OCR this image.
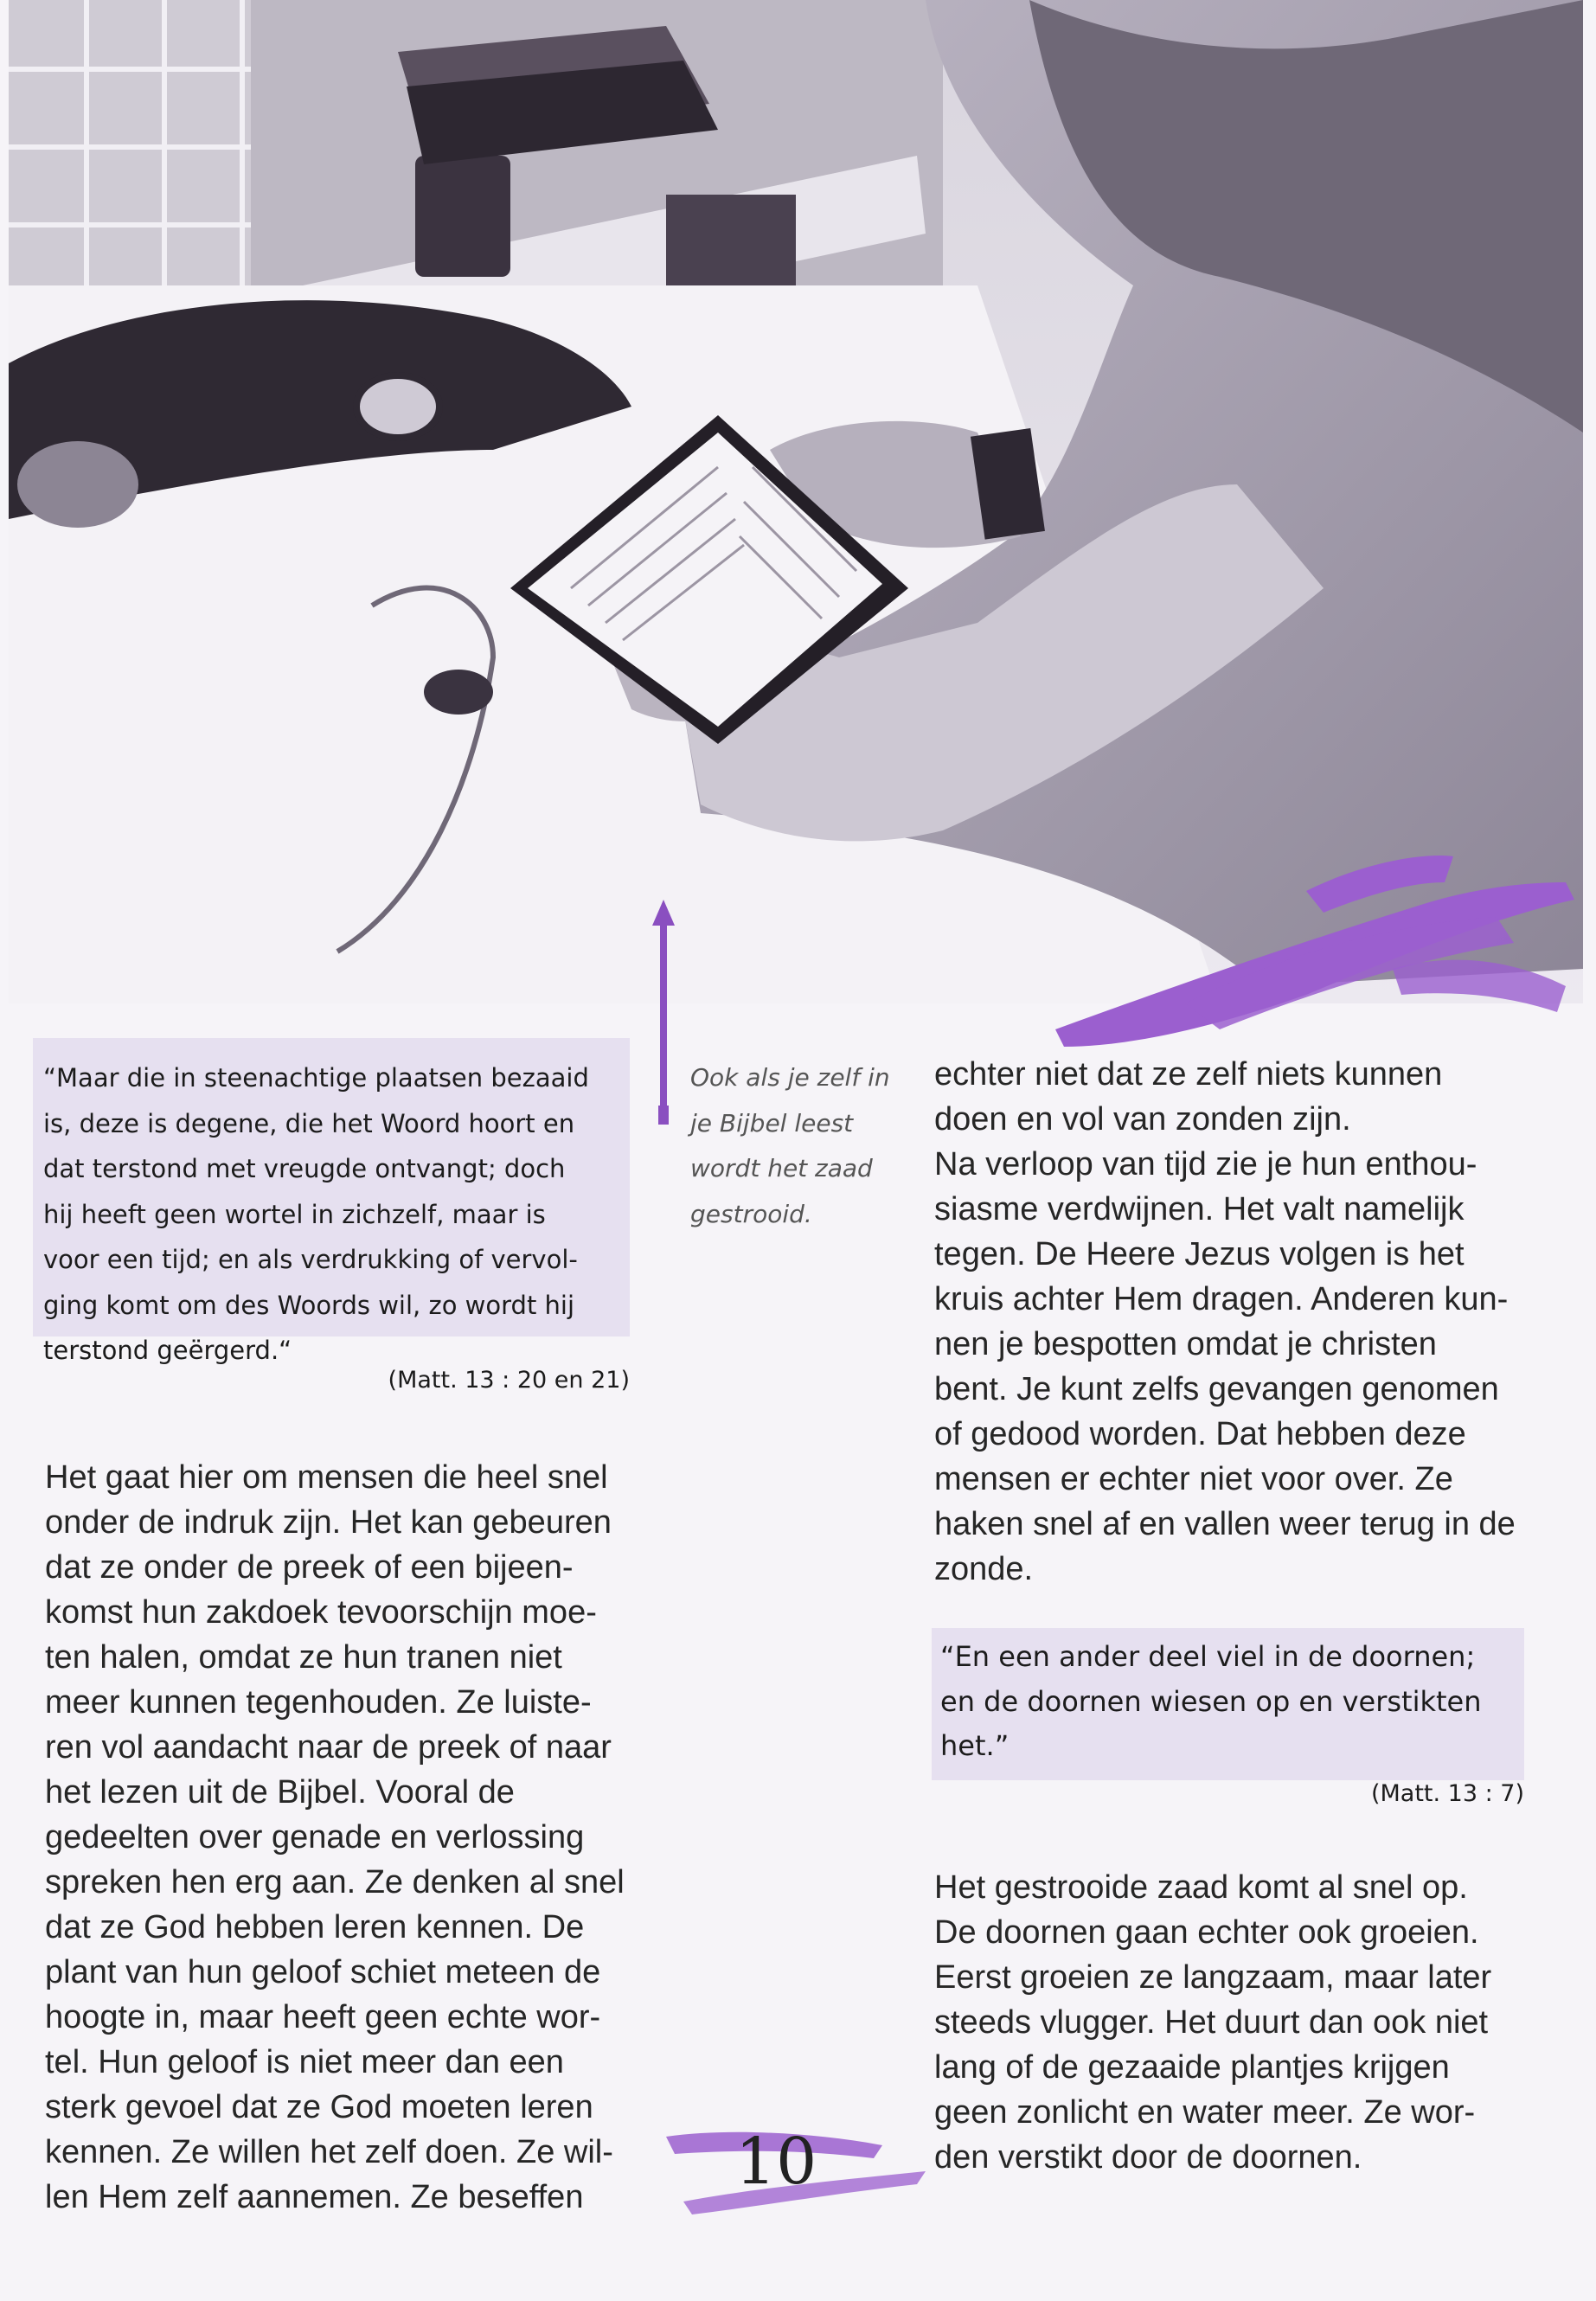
“Maar die in steenachtige plaatsen bezaaid
is, deze is degene, die het Woord hoort en
dat terstond met vreugde ontvangt; doch
hij heeft geen wortel in zichzelf, maar is
voor een tijd; en als verdrukking of vervol-
ging komt om des Woords wil, zo wordt hij
terstond geërgerd.“

(Matt. 13 : 20 en 21)

Ook als je zelf in
je Bijbel leest
wordt het zaad
gestrooid.

Het gaat hier om mensen die heel snel
onder de indruk zijn. Het kan gebeuren
dat ze onder de preek of een bijeen-
komst hun zakdoek tevoorschijn moe-
ten halen, omdat ze hun tranen niet
meer kunnen tegenhouden. Ze luiste-
ren vol aandacht naar de preek of naar
het lezen uit de Bijbel. Vooral de
gedeelten over genade en verlossing
spreken hen erg aan. Ze denken al snel
dat ze God hebben leren kennen. De
plant van hun geloof schiet meteen de
hoogte in, maar heeft geen echte wor-
tel. Hun geloof is niet meer dan een
sterk gevoel dat ze God moeten leren
kennen. Ze willen het zelf doen. Ze wil-
len Hem zelf aannemen. Ze beseffen

echter niet dat ze zelf niets kunnen
doen en vol van zonden zijn.
Na verloop van tijd zie je hun enthou-
siasme verdwijnen. Het valt namelijk
tegen. De Heere Jezus volgen is het
kruis achter Hem dragen. Anderen kun-
nen je bespotten omdat je christen
bent. Je kunt zelfs gevangen genomen
of gedood worden. Dat hebben deze
mensen er echter niet voor over. Ze
haken snel af en vallen weer terug in de
zonde.

“En een ander deel viel in de doornen;
en de doornen wiesen op en verstikten
het.”

(Matt. 13 : 7)

Het gestrooide zaad komt al snel op.
De doornen gaan echter ook groeien.
Eerst groeien ze langzaam, maar later
steeds vlugger. Het duurt dan ook niet
lang of de gezaaide plantjes krijgen
geen zonlicht en water meer. Ze wor-
den verstikt door de doornen.

10
